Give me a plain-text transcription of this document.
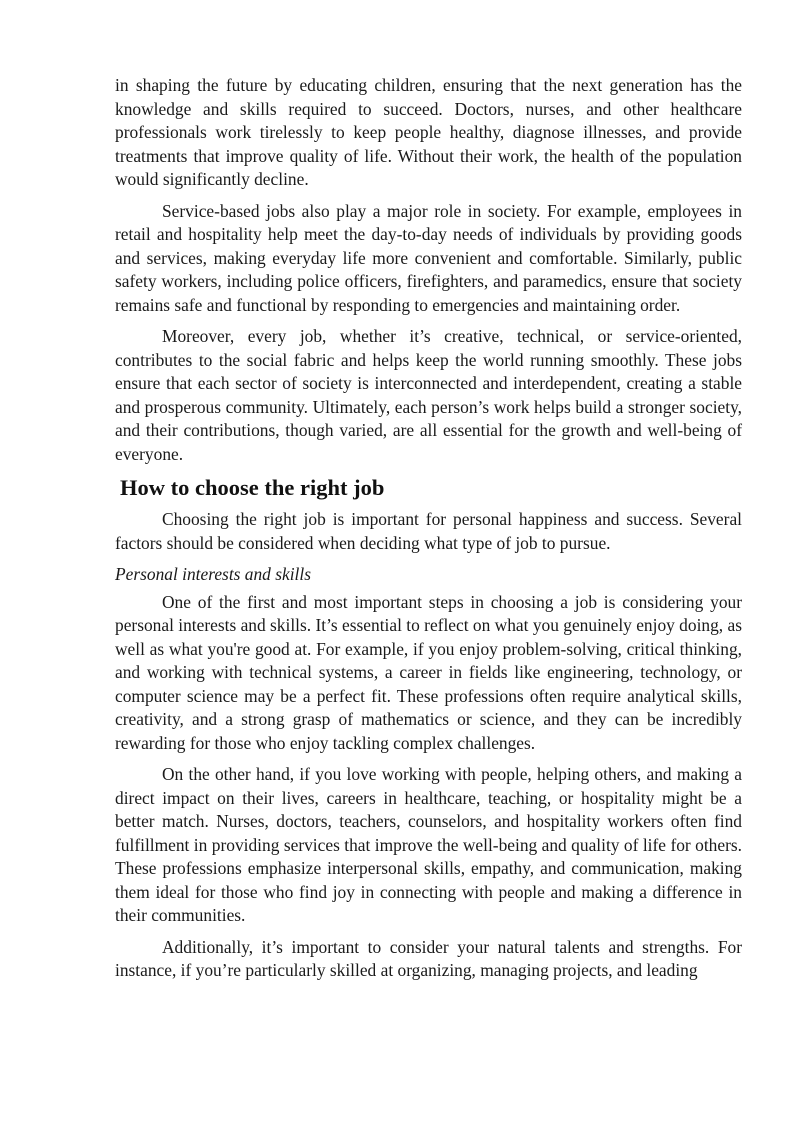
in shaping the future by educating children, ensuring that the next generation has the knowledge and skills required to succeed. Doctors, nurses, and other healthcare professionals work tirelessly to keep people healthy, diagnose illnesses, and provide treatments that improve quality of life. Without their work, the health of the population would significantly decline.

Service-based jobs also play a major role in society. For example, employees in retail and hospitality help meet the day-to-day needs of individuals by providing goods and services, making everyday life more convenient and comfortable. Similarly, public safety workers, including police officers, firefighters, and paramedics, ensure that society remains safe and functional by responding to emergencies and maintaining order.

Moreover, every job, whether it’s creative, technical, or service-oriented, contributes to the social fabric and helps keep the world running smoothly. These jobs ensure that each sector of society is interconnected and interdependent, creating a stable and prosperous community. Ultimately, each person’s work helps build a stronger society, and their contributions, though varied, are all essential for the growth and well-being of everyone.

How to choose the right job

Choosing the right job is important for personal happiness and success. Several factors should be considered when deciding what type of job to pursue.

Personal interests and skills

One of the first and most important steps in choosing a job is considering your personal interests and skills. It’s essential to reflect on what you genuinely enjoy doing, as well as what you're good at. For example, if you enjoy problem-solving, critical thinking, and working with technical systems, a career in fields like engineering, technology, or computer science may be a perfect fit. These professions often require analytical skills, creativity, and a strong grasp of mathematics or science, and they can be incredibly rewarding for those who enjoy tackling complex challenges.

On the other hand, if you love working with people, helping others, and making a direct impact on their lives, careers in healthcare, teaching, or hospitality might be a better match. Nurses, doctors, teachers, counselors, and hospitality workers often find fulfillment in providing services that improve the well-being and quality of life for others. These professions emphasize interpersonal skills, empathy, and communication, making them ideal for those who find joy in connecting with people and making a difference in their communities.

Additionally, it’s important to consider your natural talents and strengths. For instance, if you’re particularly skilled at organizing, managing projects, and leading
